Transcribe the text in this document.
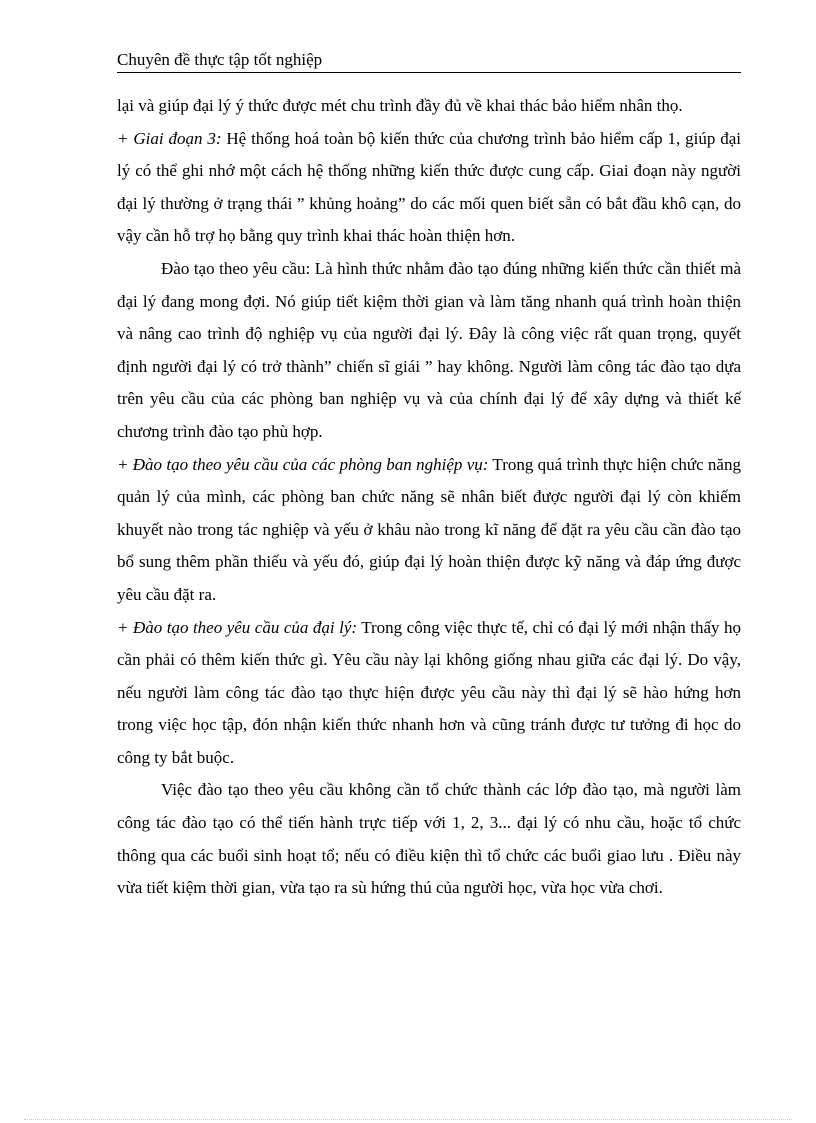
Chuyên đề thực tập tốt nghiệp

lại và giúp đại lý ý thức được mét chu trình đầy đủ về khai thác bảo hiểm nhân thọ.

+ Giai đoạn 3: Hệ thống hoá toàn bộ kiến thức của chương trình bảo hiểm cấp 1, giúp đại lý có thể ghi nhớ một cách hệ thống những kiến thức được cung cấp. Giai đoạn này người đại lý thường ở trạng thái ” khủng hoảng” do các mối quen biết sẵn có bắt đầu khô cạn, do vậy cần hỗ trợ họ bằng quy trình khai thác hoàn thiện hơn.

Đào tạo theo yêu cầu: Là hình thức nhằm đào tạo đúng những kiến thức cần thiết mà đại lý đang mong đợi. Nó giúp tiết kiệm thời gian và làm tăng nhanh quá trình hoàn thiện và nâng cao trình độ nghiệp vụ của người đại lý. Đây là công việc rất quan trọng, quyết định người đại lý có trở thành” chiến sĩ giái ” hay không. Người làm công tác đào tạo dựa trên yêu cầu của các phòng ban nghiệp vụ và của chính đại lý để xây dựng và thiết kế chương trình đào tạo phù hợp.

+ Đào tạo theo yêu cầu của các phòng ban nghiệp vụ: Trong quá trình thực hiện chức năng quản lý của mình, các phòng ban chức năng sẽ nhân biết được người đại lý còn khiếm khuyết nào trong tác nghiệp và yếu ở khâu nào trong kĩ năng để đặt ra yêu cầu cần đào tạo bổ sung thêm phần thiếu và yếu đó, giúp đại lý hoàn thiện được kỹ năng và đáp ứng được yêu cầu đặt ra.

+ Đào tạo theo yêu cầu của đại lý: Trong công việc thực tế, chỉ có đại lý mới nhận thấy họ cần phải có thêm kiến thức gì. Yêu cầu này lại không giống nhau giữa các đại lý. Do vậy, nếu người làm công tác đào tạo thực hiện được yêu cầu này thì đại lý sẽ hào hứng hơn trong việc học tập, đón nhận kiến thức nhanh hơn và cũng tránh được tư tưởng đi học do công ty bắt buộc.

Việc đào tạo theo yêu cầu không cần tổ chức thành các lớp đào tạo, mà người làm công tác đào tạo có thể tiến hành trực tiếp với 1, 2, 3... đại lý có nhu cầu, hoặc tổ chức thông qua các buổi sinh hoạt tổ; nếu có điều kiện thì tổ chức các buổi giao lưu . Điều này vừa tiết kiệm thời gian, vừa tạo ra sù hứng thú của người học, vừa học vừa chơi.
